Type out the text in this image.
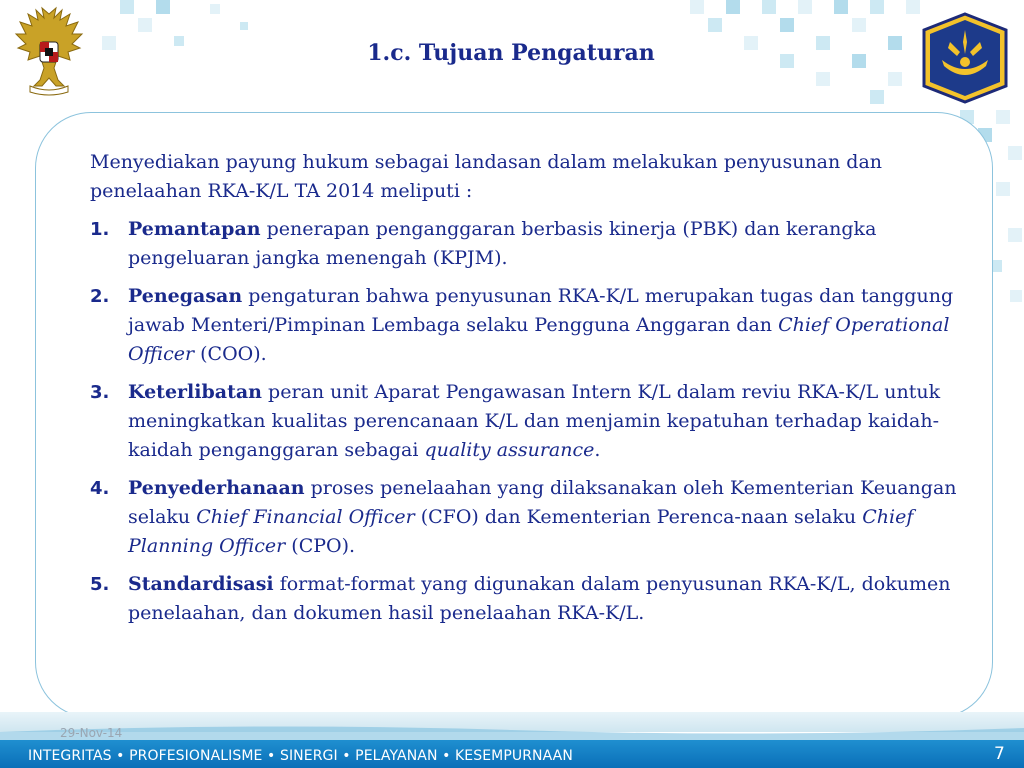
1.c. Tujuan Pengaturan

Menyediakan payung hukum sebagai landasan dalam melakukan penyusunan dan penelaahan RKA-K/L TA 2014 meliputi :

1. Pemantapan penerapan penganggaran berbasis kinerja (PBK) dan kerangka pengeluaran jangka menengah (KPJM).
2. Penegasan pengaturan bahwa penyusunan RKA-K/L merupakan tugas dan tanggung jawab Menteri/Pimpinan Lembaga selaku Pengguna Anggaran dan Chief Operational Officer (COO).
3. Keterlibatan peran unit Aparat Pengawasan Intern K/L dalam reviu RKA-K/L untuk meningkatkan kualitas perencanaan K/L dan menjamin kepatuhan terhadap kaidah-kaidah penganggaran sebagai quality assurance.
4. Penyederhanaan proses penelaahan yang dilaksanakan oleh Kementerian Keuangan selaku Chief Financial Officer (CFO) dan Kementerian Perenca-naan selaku Chief Planning Officer (CPO).
5. Standardisasi format-format yang digunakan dalam penyusunan RKA-K/L, dokumen penelaahan, dan dokumen hasil penelaahan RKA-K/L.
29-Nov-14
INTEGRITAS • PROFESIONALISME • SINERGI • PELAYANAN • KESEMPURNAAN	7
